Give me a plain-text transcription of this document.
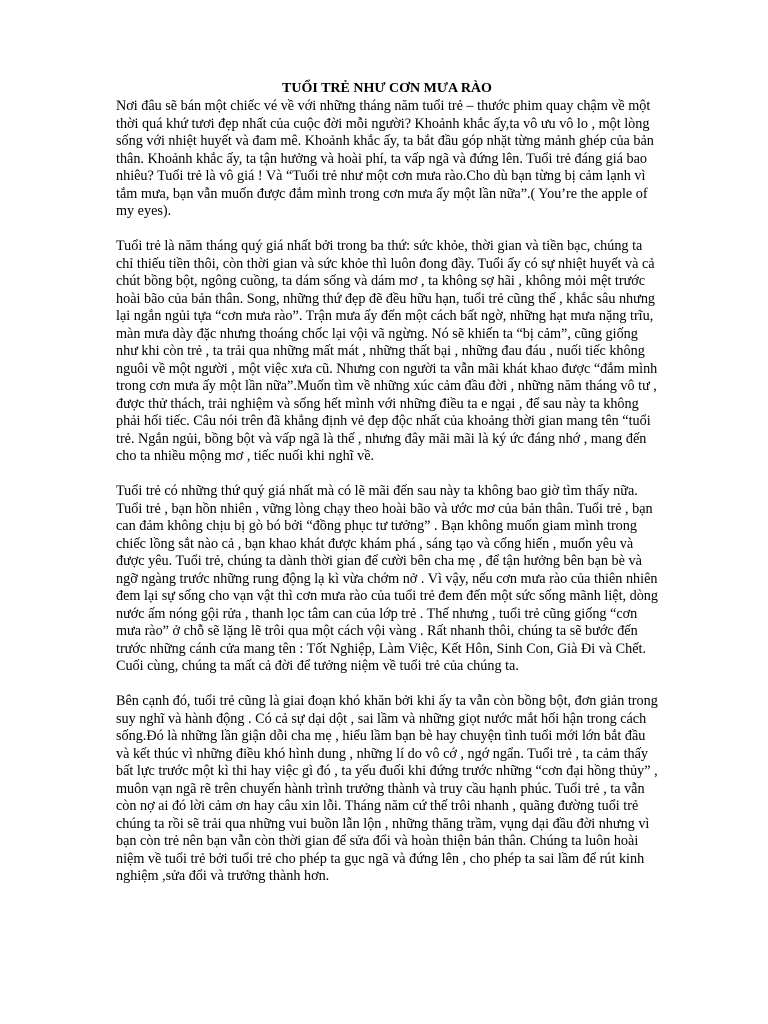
TUỔI TRẺ NHƯ CƠN MƯA RÀO

Nơi đâu sẽ bán một chiếc vé về với những tháng năm tuổi trẻ – thước phim quay chậm về một thời quá khứ tươi đẹp nhất của cuộc đời mỗi người? Khoảnh khắc ấy,ta vô ưu vô lo , một lòng sống với nhiệt huyết và đam mê. Khoảnh khắc ấy, ta bắt đầu góp nhặt từng mảnh ghép của bản thân. Khoảnh khắc ấy, ta tận hưởng và hoài phí, ta vấp ngã và đứng lên. Tuổi trẻ đáng giá bao nhiêu? Tuổi trẻ là vô giá ! Và “Tuổi trẻ như một cơn mưa rào.Cho dù bạn từng bị cảm lạnh vì tắm mưa, bạn vẫn muốn được đắm mình trong cơn mưa ấy một lần nữa”.( You’re the apple of my eyes).

Tuổi trẻ là năm tháng quý giá nhất bởi trong ba thứ: sức khỏe, thời gian và tiền bạc, chúng ta chỉ thiếu tiền thôi, còn thời gian và sức khỏe thì luôn đong đầy. Tuổi ấy có sự nhiệt huyết và cả chút bồng bột, ngông cuồng, ta dám sống và dám mơ , ta không sợ hãi , không mỏi mệt trước hoài bão của bản thân. Song, những thứ đẹp đẽ đều hữu hạn, tuổi trẻ cũng thế , khắc sâu nhưng lại ngắn ngủi tựa “cơn mưa rào”. Trận mưa ấy đến một cách bất ngờ, những hạt mưa nặng trĩu, màn mưa dày đặc nhưng thoáng chốc lại vội vã ngừng. Nó sẽ khiến ta “bị cảm”, cũng giống như khi còn trẻ , ta trải qua những mất mát , những thất bại , những đau đáu , nuối tiếc không nguôi về một người , một việc xưa cũ. Nhưng con người ta vẫn mãi khát khao được “đắm mình trong cơn mưa ấy một lần nữa”.Muốn tìm về những xúc cảm đầu đời , những năm tháng vô tư , được thử thách, trải nghiệm và sống hết mình với những điều ta e ngại , để sau này ta không phải hối tiếc. Câu nói trên đã khẳng định vẻ đẹp độc nhất của khoảng thời gian mang tên “tuổi trẻ. Ngắn ngủi, bồng bột và vấp ngã là thế , nhưng đây mãi mãi là ký ức đáng nhớ , mang đến cho ta nhiều mộng mơ , tiếc nuối khi nghĩ về.

Tuổi trẻ có những thứ quý giá nhất mà có lẽ mãi đến sau này ta không bao giờ tìm thấy nữa. Tuổi trẻ , bạn hồn nhiên , vững lòng chạy theo hoài bão và ước mơ của bản thân. Tuổi trẻ , bạn can đảm không chịu bị gò bó bởi “đồng phục tư tưởng” . Bạn không muốn giam mình trong chiếc lồng sắt nào cả , bạn khao khát được khám phá , sáng tạo và cống hiến , muốn yêu và được yêu. Tuổi trẻ, chúng ta dành thời gian để cười bên cha mẹ , để tận hưởng bên bạn bè và ngỡ ngàng trước những rung động lạ kì vừa chớm nở . Vì vậy, nếu cơn mưa rào của thiên nhiên đem lại sự sống cho vạn vật thì cơn mưa rào của tuổi trẻ đem đến một sức sống mãnh liệt, dòng nước ấm nóng gội rửa , thanh lọc tâm can của lớp trẻ . Thế nhưng , tuổi trẻ cũng giống “cơn mưa rào” ở chỗ sẽ lặng lẽ trôi qua một cách vội vàng . Rất nhanh thôi, chúng ta sẽ bước đến trước những cánh cửa mang tên : Tốt Nghiệp, Làm Việc, Kết Hôn, Sinh Con, Già Đi và Chết. Cuối cùng, chúng ta mất cả đời để tưởng niệm về tuổi trẻ của chúng ta.

Bên cạnh đó, tuổi trẻ cũng là giai đoạn khó khăn bởi khi ấy ta vẫn còn bồng bột, đơn giản trong suy nghĩ và hành động . Có cả sự dại dột , sai lầm và những giọt nước mắt hối hận trong cách sống.Đó là những lần giận dỗi cha mẹ , hiểu lầm bạn bè hay chuyện tình tuổi mới lớn bắt đầu và kết thúc vì những điều khó hình dung , những lí do vô cớ , ngớ ngẩn. Tuổi trẻ , ta cảm thấy bất lực trước một kì thi hay việc gì đó , ta yếu đuối khi đứng trước những “cơn đại hồng thủy” , muôn vạn ngã rẽ trên chuyến hành trình trưởng thành và truy cầu hạnh phúc. Tuổi trẻ , ta vẫn còn nợ ai đó lời cảm ơn hay câu xin lỗi. Tháng năm cứ thế trôi nhanh , quãng đường tuổi trẻ chúng ta rồi sẽ trải qua những vui buồn lẫn lộn , những thăng trầm, vụng dại đầu đời nhưng vì bạn còn trẻ nên bạn vẫn còn thời gian để sửa đổi và hoàn thiện bản thân. Chúng ta luôn hoài niệm về tuổi trẻ bởi tuổi trẻ cho phép ta gục ngã và đứng lên , cho phép ta sai lầm để rút kinh nghiệm ,sửa đổi và trưởng thành hơn.
